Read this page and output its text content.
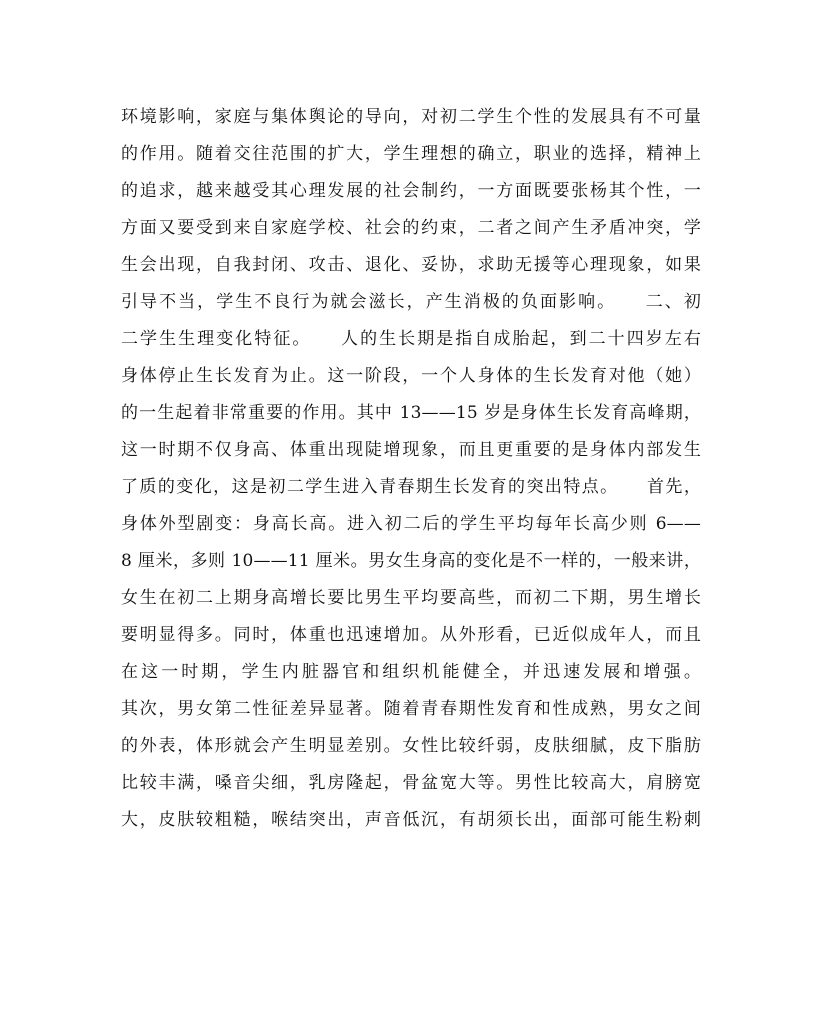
环境影响，家庭与集体舆论的导向，对初二学生个性的发展具有不可量
的作用。随着交往范围的扩大，学生理想的确立，职业的选择，精神上
的追求，越来越受其心理发展的社会制约，一方面既要张杨其个性，一
方面又要受到来自家庭学校、社会的约束，二者之间产生矛盾冲突，学
生会出现，自我封闭、攻击、退化、妥协，求助无援等心理现象，如果
引导不当，学生不良行为就会滋长，产生消极的负面影响。　　二、初
二学生生理变化特征。　　人的生长期是指自成胎起，到二十四岁左右
身体停止生长发育为止。这一阶段，一个人身体的生长发育对他（她）
的一生起着非常重要的作用。其中 13——15 岁是身体生长发育高峰期，
这一时期不仅身高、体重出现陡增现象，而且更重要的是身体内部发生
了质的变化，这是初二学生进入青春期生长发育的突出特点。　　首先，
身体外型剧变：身高长高。进入初二后的学生平均每年长高少则 6——
8 厘米，多则 10——11 厘米。男女生身高的变化是不一样的，一般来讲，
女生在初二上期身高增长要比男生平均要高些，而初二下期，男生增长
要明显得多。同时，体重也迅速增加。从外形看，已近似成年人，而且
在这一时期，学生内脏器官和组织机能健全，并迅速发展和增强。
其次，男女第二性征差异显著。随着青春期性发育和性成熟，男女之间
的外表，体形就会产生明显差别。女性比较纤弱，皮肤细腻，皮下脂肪
比较丰满，嗓音尖细，乳房隆起，骨盆宽大等。男性比较高大，肩膀宽
大，皮肤较粗糙，喉结突出，声音低沉，有胡须长出，面部可能生粉刺
